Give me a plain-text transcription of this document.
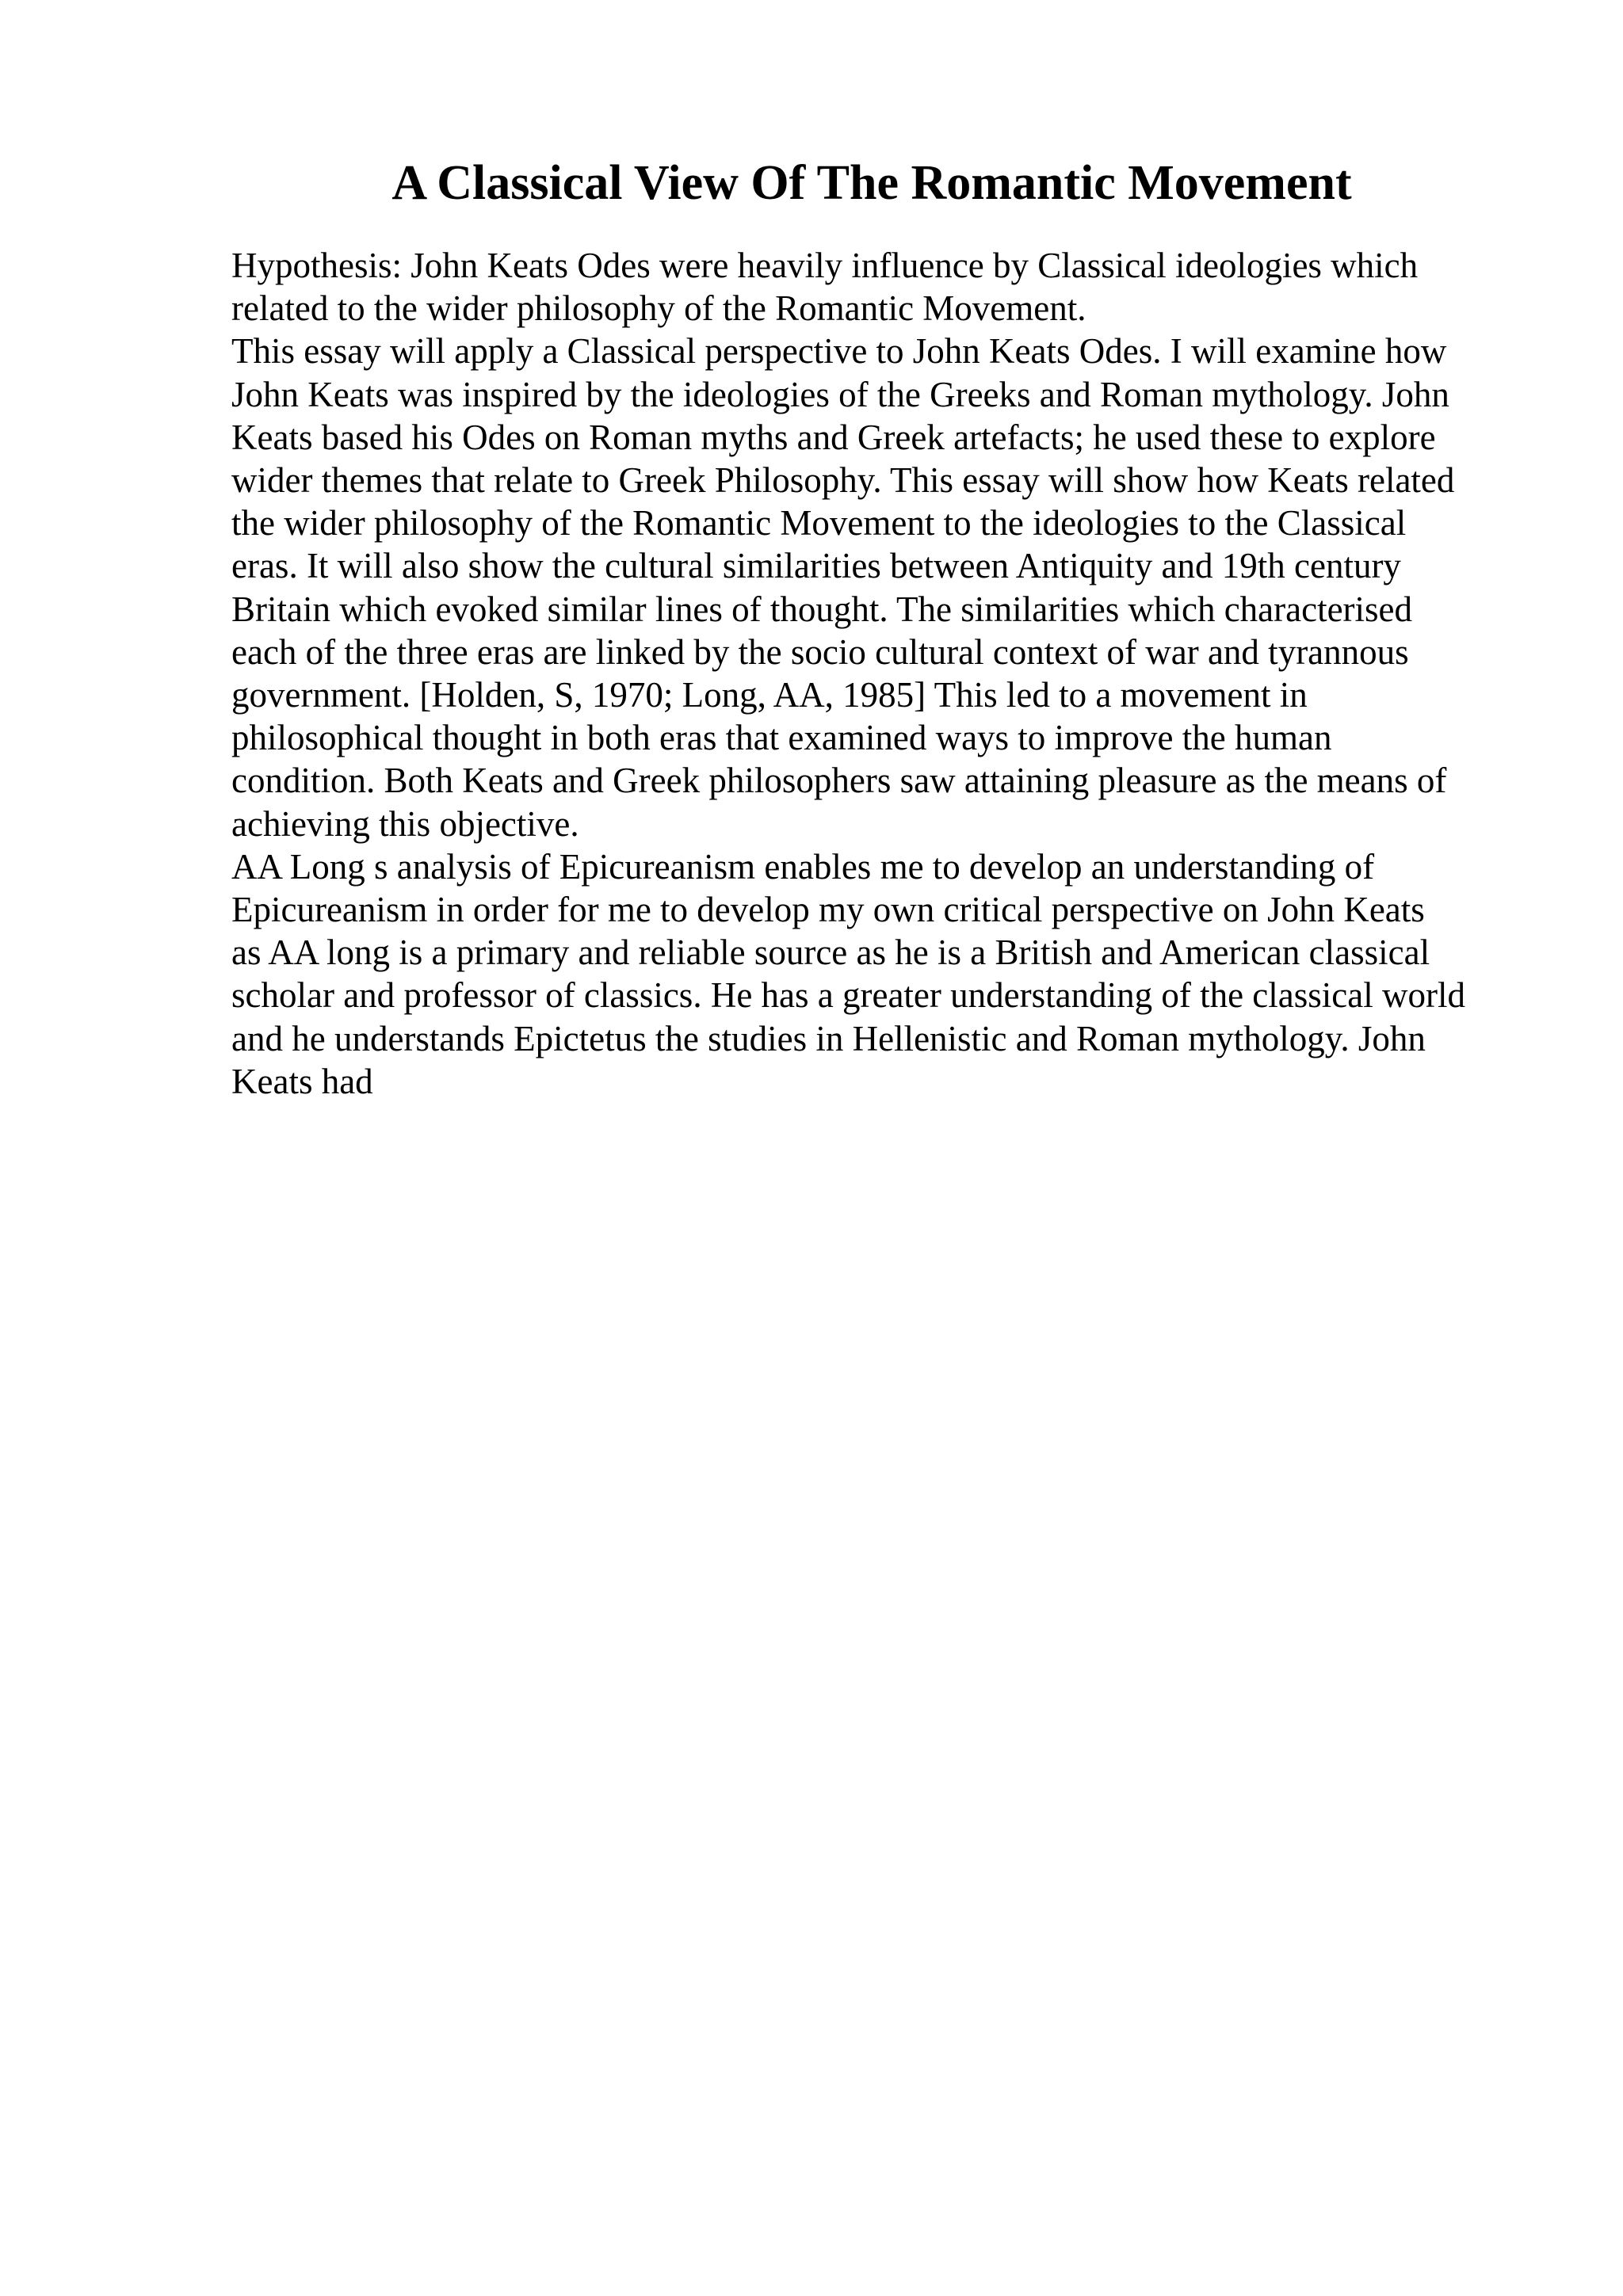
A Classical View Of The Romantic Movement
Hypothesis: John Keats Odes were heavily influence by Classical ideologies which
related to the wider philosophy of the Romantic Movement.
This essay will apply a Classical perspective to John Keats Odes. I will examine how
John Keats was inspired by the ideologies of the Greeks and Roman mythology. John
Keats based his Odes on Roman myths and Greek artefacts; he used these to explore
wider themes that relate to Greek Philosophy. This essay will show how Keats related
the wider philosophy of the Romantic Movement to the ideologies to the Classical
eras. It will also show the cultural similarities between Antiquity and 19th century
Britain which evoked similar lines of thought. The similarities which characterised
each of the three eras are linked by the socio cultural context of war and tyrannous
government. [Holden, S, 1970; Long, AA, 1985] This led to a movement in
philosophical thought in both eras that examined ways to improve the human
condition. Both Keats and Greek philosophers saw attaining pleasure as the means of
achieving this objective.
AA Long s analysis of Epicureanism enables me to develop an understanding of
Epicureanism in order for me to develop my own critical perspective on John Keats
as AA long is a primary and reliable source as he is a British and American classical
scholar and professor of classics. He has a greater understanding of the classical world
and he understands Epictetus the studies in Hellenistic and Roman mythology. John
Keats had
